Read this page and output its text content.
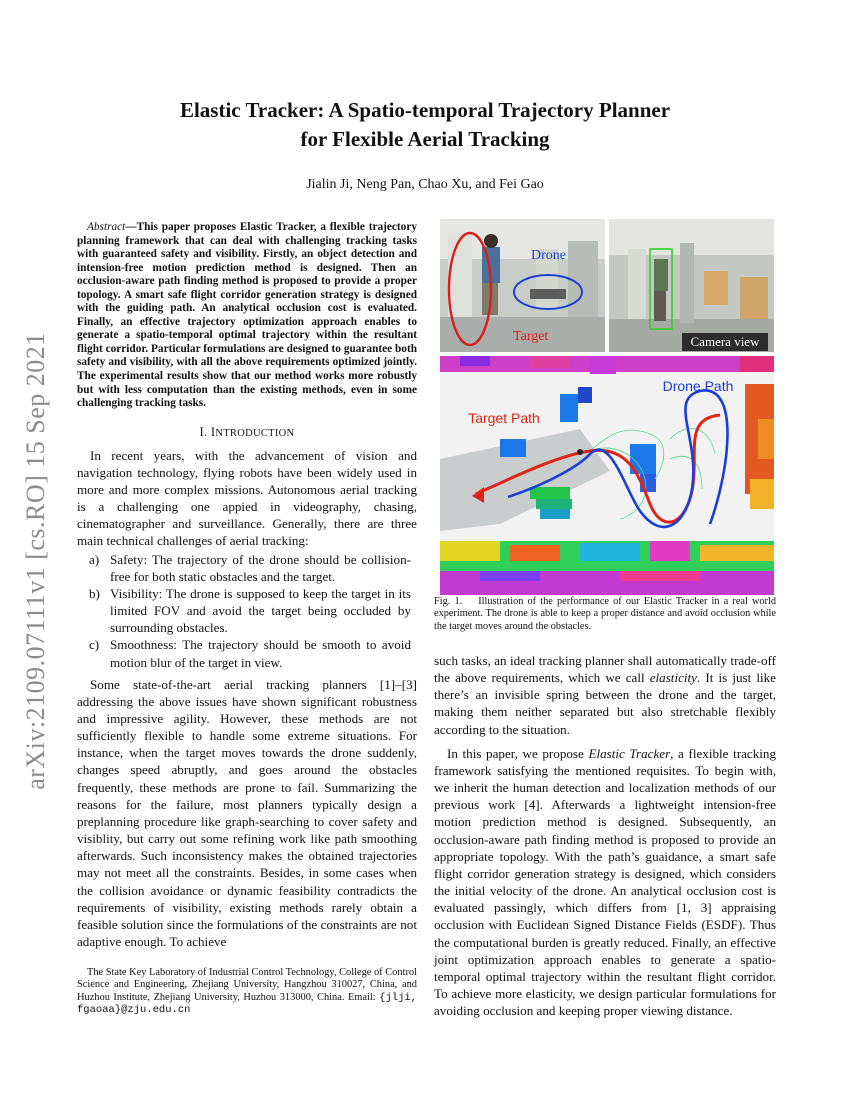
arXiv:2109.07111v1 [cs.RO] 15 Sep 2021
Elastic Tracker: A Spatio-temporal Trajectory Planner
for Flexible Aerial Tracking
Jialin Ji, Neng Pan, Chao Xu, and Fei Gao

Abstract—This paper proposes Elastic Tracker, a flexible trajectory planning framework that can deal with challenging tracking tasks with guaranteed safety and visibility. Firstly, an object detection and intension-free motion prediction method is designed. Then an occlusion-aware path finding method is proposed to provide a proper topology. A smart safe flight corridor generation strategy is designed with the guiding path. An analytical occlusion cost is evaluated. Finally, an effective trajectory optimization approach enables to generate a spatio-temporal optimal trajectory within the resultant flight corridor. Particular formulations are designed to guarantee both safety and visibility, with all the above requirements optimized jointly. The experimental results show that our method works more robustly but with less computation than the existing methods, even in some challenging tracking tasks.

I. INTRODUCTION

In recent years, with the advancement of vision and navigation technology, flying robots have been widely used in more and more complex missions. Autonomous aerial tracking is a challenging one appied in videography, chasing, cinematographer and surveillance. Generally, there are three main technical challenges of aerial tracking:

a) Safety: The trajectory of the drone should be collision-free for both static obstacles and the target.
b) Visibility: The drone is supposed to keep the target in its limited FOV and avoid the target being occluded by surrounding obstacles.
c) Smoothness: The trajectory should be smooth to avoid motion blur of the target in view.

Some state-of-the-art aerial tracking planners [1]–[3] addressing the above issues have shown significant robustness and impressive agility. However, these methods are not sufficiently flexible to handle some extreme situations. For instance, when the target moves towards the drone suddenly, changes speed abruptly, and goes around the obstacles frequently, these methods are prone to fail. Summarizing the reasons for the failure, most planners typically design a preplanning procedure like graph-searching to cover safety and visiblity, but carry out some refining work like path smoothing afterwards. Such inconsistency makes the obtained trajectories may not meet all the constraints. Besides, in some cases when the collision avoidance or dynamic feasibility contradicts the requirements of visibility, existing methods rarely obtain a feasible solution since the formulations of the constraints are not adaptive enough. To achieve

The State Key Laboratory of Industrial Control Technology, College of Control Science and Engineering, Zhejiang University, Hangzhou 310027, China, and Huzhou Institute, Zhejiang University, Huzhou 313000, China. Email: {jlji, fgaoaa}@zju.edu.cn
Drone
Target	Camera view
Drone Path
Target Path
Fig. 1. Illustration of the performance of our Elastic Tracker in a real world experiment. The drone is able to keep a proper distance and avoid occlusion while the target moves around the obstacles.

such tasks, an ideal tracking planner shall automatically trade-off the above requirements, which we call elasticity. It is just like there’s an invisible spring between the drone and the target, making them neither separated but also stretchable flexibly according to the situation.

In this paper, we propose Elastic Tracker, a flexible tracking framework satisfying the mentioned requisites. To begin with, we inherit the human detection and localization methods of our previous work [4]. Afterwards a lightweight intension-free motion prediction method is designed. Subsequently, an occlusion-aware path finding method is proposed to provide an appropriate topology. With the path’s guaidance, a smart safe flight corridor generation strategy is designed, which considers the initial velocity of the drone. An analytical occlusion cost is evaluated passingly, which differs from [1, 3] appraising occlusion with Euclidean Signed Distance Fields (ESDF). Thus the computational burden is greatly reduced. Finally, an effective joint optimization approach enables to generate a spatio-temporal optimal trajectory within the resultant flight corridor. To achieve more elasticity, we design particular formulations for avoiding occlusion and keeping proper viewing distance.
